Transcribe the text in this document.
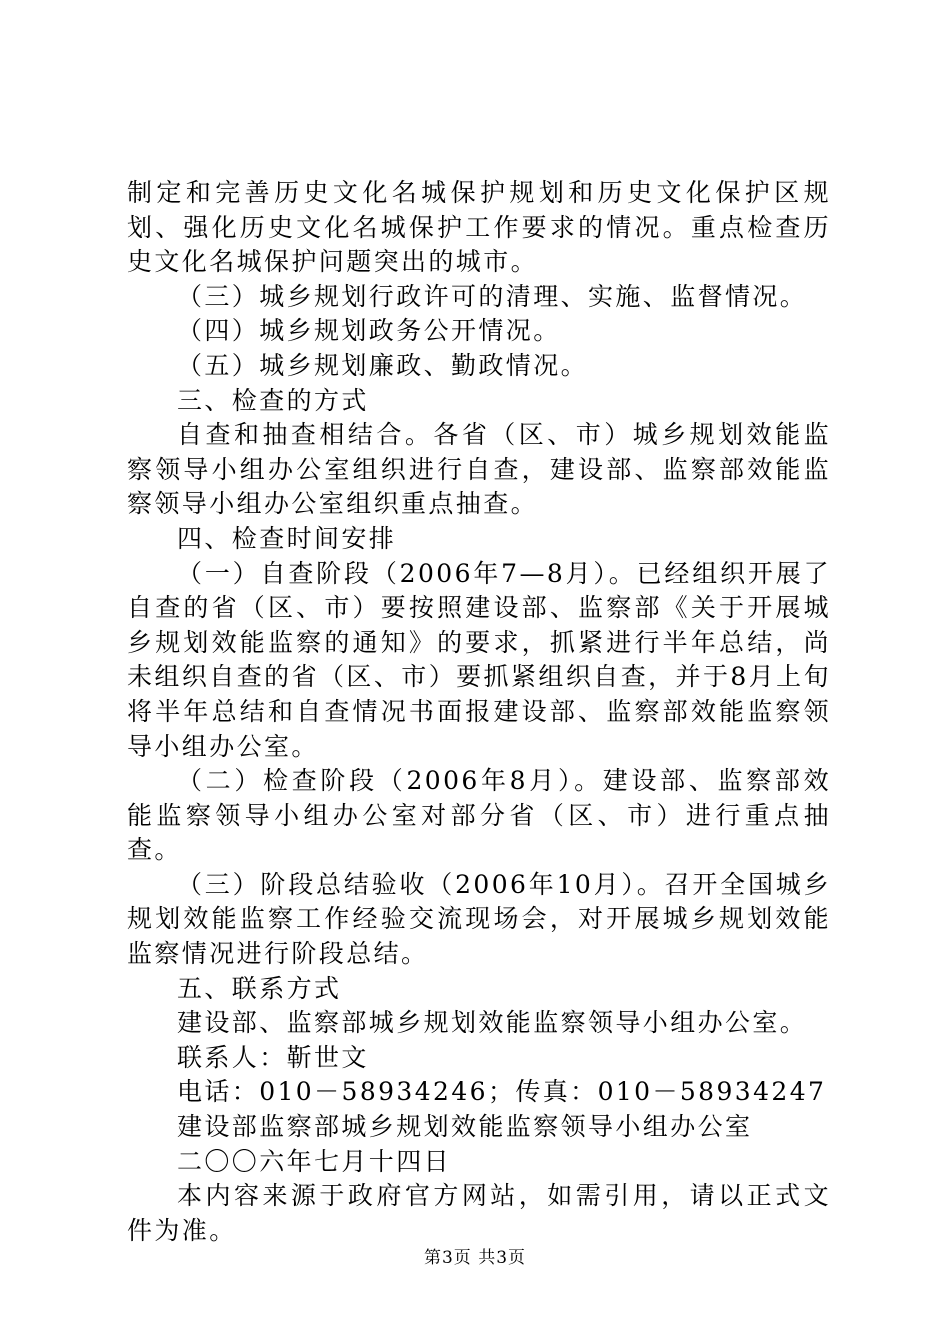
制定和完善历史文化名城保护规划和历史文化保护区规划、强化历史文化名城保护工作要求的情况。重点检查历史文化名城保护问题突出的城市。

（三）城乡规划行政许可的清理、实施、监督情况。

（四）城乡规划政务公开情况。

（五）城乡规划廉政、勤政情况。

三、检查的方式

自查和抽查相结合。各省（区、市）城乡规划效能监察领导小组办公室组织进行自查，建设部、监察部效能监察领导小组办公室组织重点抽查。

四、检查时间安排

（一）自查阶段（2006年7—8月）。已经组织开展了自查的省（区、市）要按照建设部、监察部《关于开展城乡规划效能监察的通知》的要求，抓紧进行半年总结，尚未组织自查的省（区、市）要抓紧组织自查，并于8月上旬将半年总结和自查情况书面报建设部、监察部效能监察领导小组办公室。

（二）检查阶段（2006年8月）。建设部、监察部效能监察领导小组办公室对部分省（区、市）进行重点抽查。

（三）阶段总结验收（2006年10月）。召开全国城乡规划效能监察工作经验交流现场会，对开展城乡规划效能监察情况进行阶段总结。

五、联系方式

建设部、监察部城乡规划效能监察领导小组办公室。

联系人：靳世文

电话：010－58934246；传真：010－58934247

建设部监察部城乡规划效能监察领导小组办公室

二〇〇六年七月十四日

本内容来源于政府官方网站，如需引用，请以正式文件为准。

第3页 共3页
